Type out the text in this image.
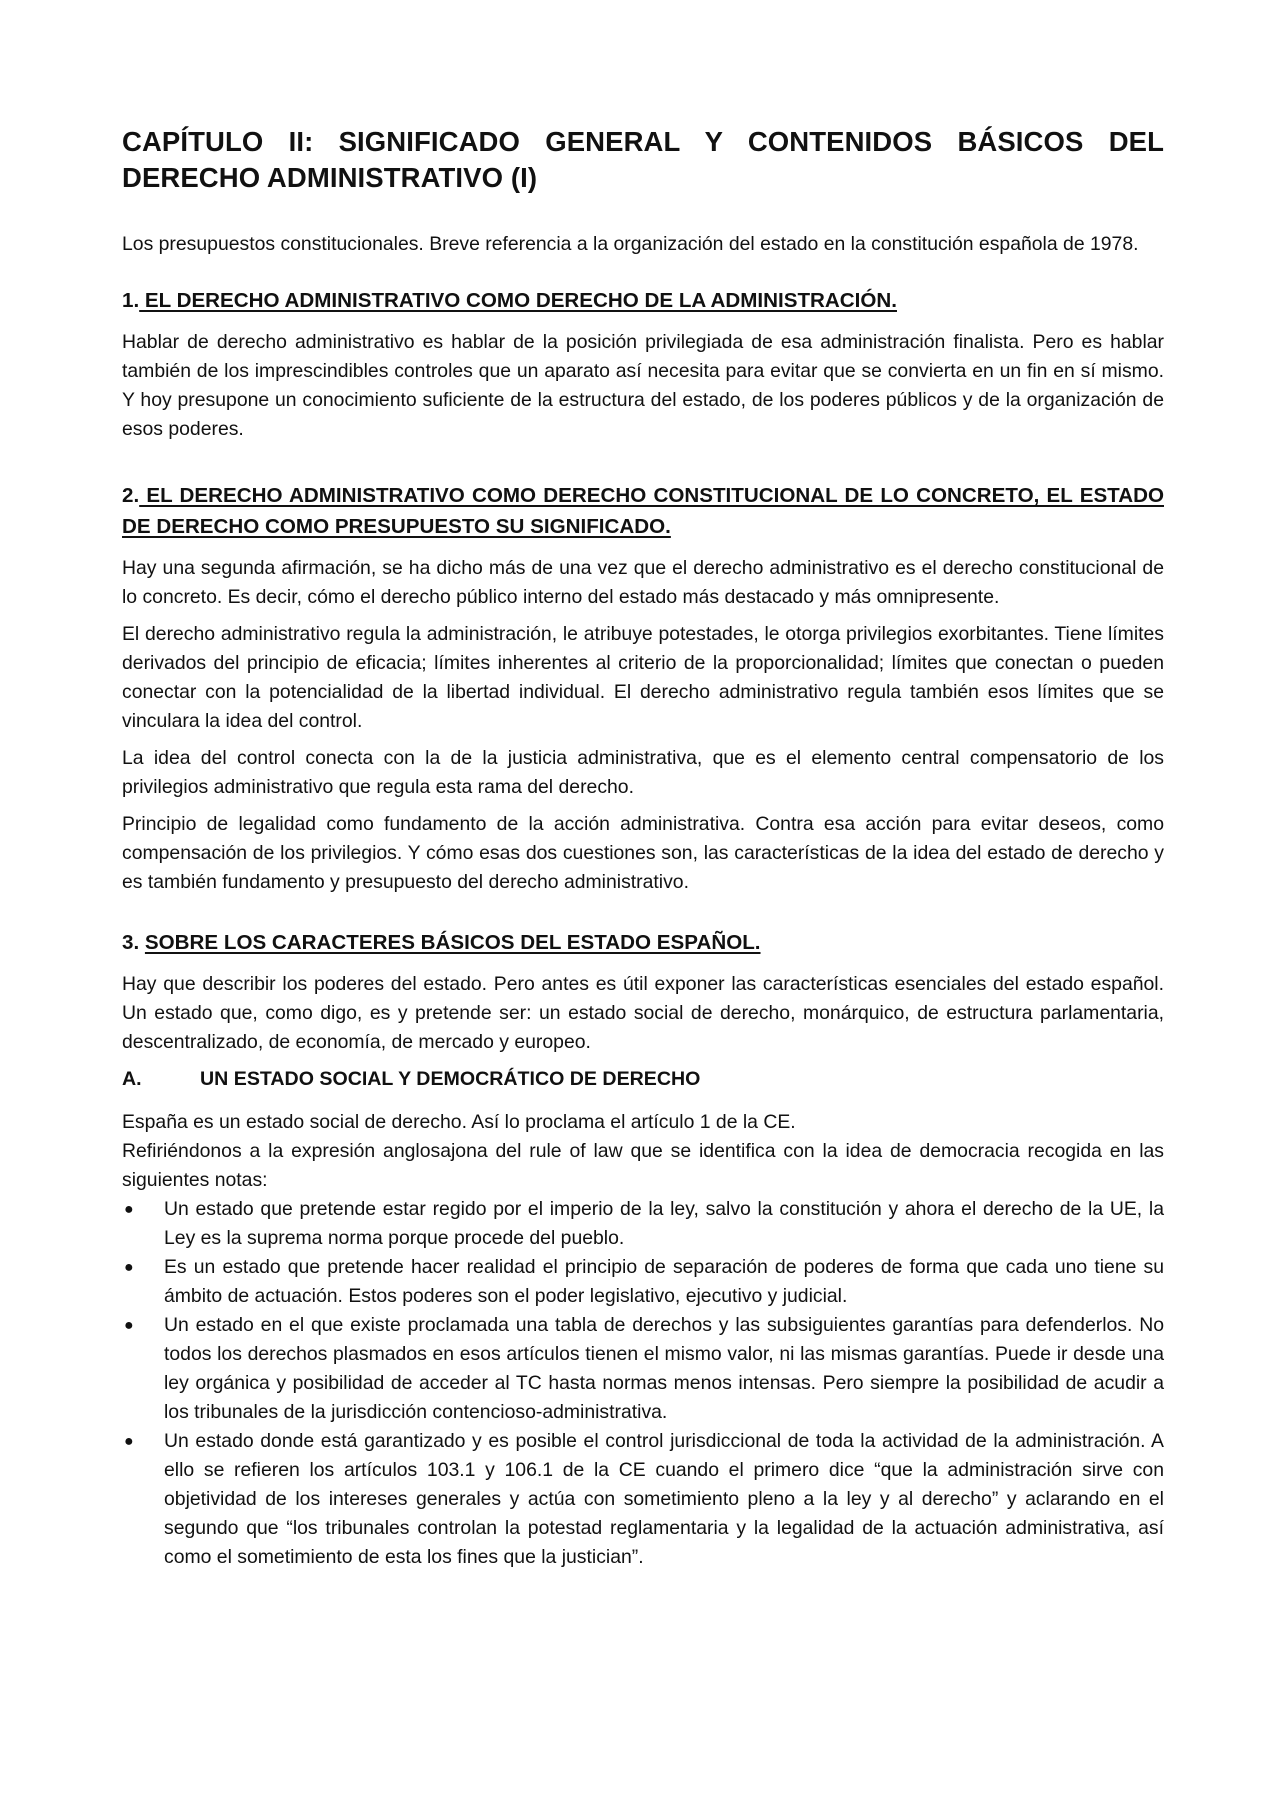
CAPÍTULO II: SIGNIFICADO GENERAL Y CONTENIDOS BÁSICOS DEL DERECHO ADMINISTRATIVO (I)

Los presupuestos constitucionales. Breve referencia a la organización del estado en la constitución española de 1978.

1. EL DERECHO ADMINISTRATIVO COMO DERECHO DE LA ADMINISTRACIÓN.

Hablar de derecho administrativo es hablar de la posición privilegiada de esa administración finalista. Pero es hablar también de los imprescindibles controles que un aparato así necesita para evitar que se convierta en un fin en sí mismo. Y hoy presupone un conocimiento suficiente de la estructura del estado, de los poderes públicos y de la organización de esos poderes.

2. EL DERECHO ADMINISTRATIVO COMO DERECHO CONSTITUCIONAL DE LO CONCRETO, EL ESTADO DE DERECHO COMO PRESUPUESTO SU SIGNIFICADO.

Hay una segunda afirmación, se ha dicho más de una vez que el derecho administrativo es el derecho constitucional de lo concreto. Es decir, cómo el derecho público interno del estado más destacado y más omnipresente.

El derecho administrativo regula la administración, le atribuye potestades, le otorga privilegios exorbitantes. Tiene límites derivados del principio de eficacia; límites inherentes al criterio de la proporcionalidad; límites que conectan o pueden conectar con la potencialidad de la libertad individual. El derecho administrativo regula también esos límites que se vinculara la idea del control.

La idea del control conecta con la de la justicia administrativa, que es el elemento central compensatorio de los privilegios administrativo que regula esta rama del derecho.

Principio de legalidad como fundamento de la acción administrativa. Contra esa acción para evitar deseos, como compensación de los privilegios. Y cómo esas dos cuestiones son, las características de la idea del estado de derecho y es también fundamento y presupuesto del derecho administrativo.

3. SOBRE LOS CARACTERES BÁSICOS DEL ESTADO ESPAÑOL.

Hay que describir los poderes del estado. Pero antes es útil exponer las características esenciales del estado español. Un estado que, como digo, es y pretende ser: un estado social de derecho, monárquico, de estructura parlamentaria, descentralizado, de economía, de mercado y europeo.

A.	UN ESTADO SOCIAL Y DEMOCRÁTICO DE DERECHO

España es un estado social de derecho. Así lo proclama el artículo 1 de la CE.

Refiriéndonos a la expresión anglosajona del rule of law que se identifica con la idea de democracia recogida en las siguientes notas:

●	Un estado que pretende estar regido por el imperio de la ley, salvo la constitución y ahora el derecho de la UE, la Ley es la suprema norma porque procede del pueblo.
●	Es un estado que pretende hacer realidad el principio de separación de poderes de forma que cada uno tiene su ámbito de actuación. Estos poderes son el poder legislativo, ejecutivo y judicial.
●	Un estado en el que existe proclamada una tabla de derechos y las subsiguientes garantías para defenderlos. No todos los derechos plasmados en esos artículos tienen el mismo valor, ni las mismas garantías. Puede ir desde una ley orgánica y posibilidad de acceder al TC hasta normas menos intensas. Pero siempre la posibilidad de acudir a los tribunales de la jurisdicción contencioso-administrativa.
●	Un estado donde está garantizado y es posible el control jurisdiccional de toda la actividad de la administración. A ello se refieren los artículos 103.1 y 106.1 de la CE cuando el primero dice “que la administración sirve con objetividad de los intereses generales y actúa con sometimiento pleno a la ley y al derecho” y aclarando en el segundo que “los tribunales controlan la potestad reglamentaria y la legalidad de la actuación administrativa, así como el sometimiento de esta los fines que la justician”.
